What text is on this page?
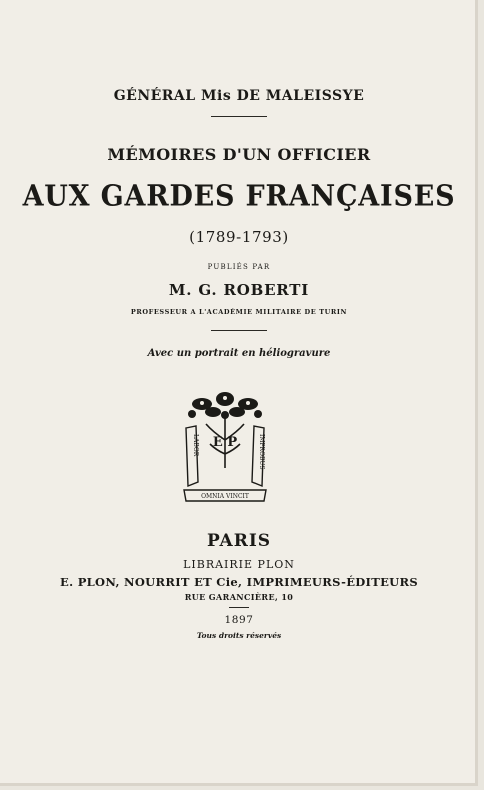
GÉNÉRAL Mis DE MALEISSYE
MÉMOIRES D'UN OFFICIER
AUX GARDES FRANÇAISES
(1789-1793)
PUBLIÉS PAR
M. G. ROBERTI
PROFESSEUR A L'ACADÉMIE MILITAIRE DE TURIN
Avec un portrait en héliogravure
LABOR	IMPROBUS
E P
OMNIA VINCIT
PARIS
LIBRAIRIE PLON
E. PLON, NOURRIT ET Cie, IMPRIMEURS-ÉDITEURS
RUE GARANCIÈRE, 10
1897
Tous droits réservés
